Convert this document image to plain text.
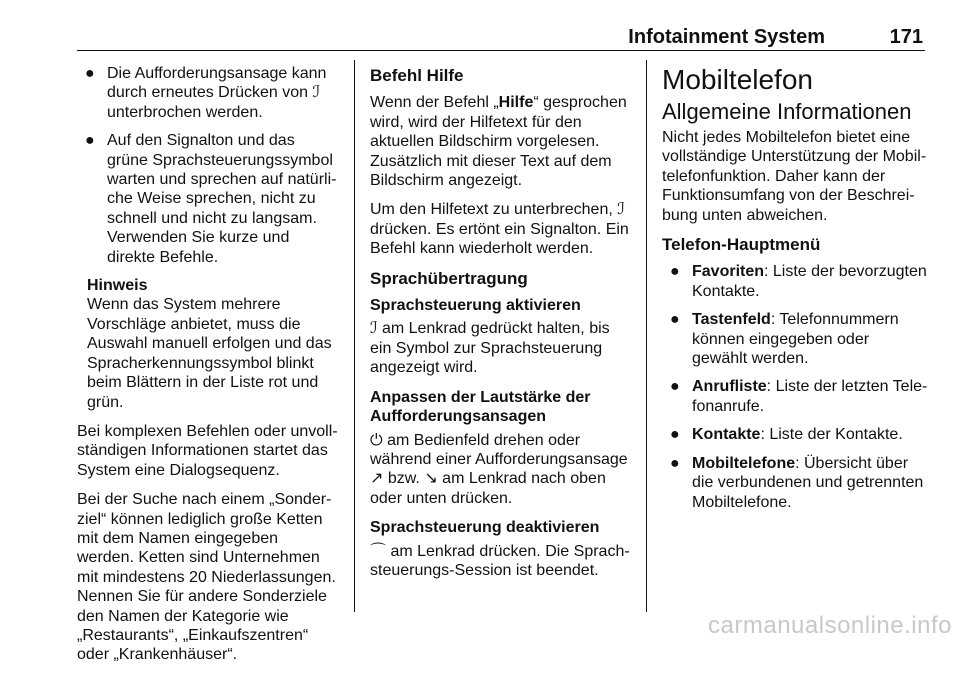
Infotainment System	171
● Die Aufforderungsansage kann durch erneutes Drücken von ℐ unterbrochen werden.
● Auf den Signalton und das grüne Sprachsteuerungssymbol warten und sprechen auf natürliche Weise sprechen, nicht zu schnell und nicht zu langsam. Verwenden Sie kurze und direkte Befehle.
Hinweis
Wenn das System mehrere Vorschläge anbietet, muss die Auswahl manuell erfolgen und das Spracherkennungssymbol blinkt beim Blättern in der Liste rot und grün.

Bei komplexen Befehlen oder unvollständigen Informationen startet das System eine Dialogsequenz.

Bei der Suche nach einem „Sonderziel“ können lediglich große Ketten mit dem Namen eingegeben werden. Ketten sind Unternehmen mit mindestens 20 Niederlassungen. Nennen Sie für andere Sonderziele den Namen der Kategorie wie „Restaurants“, „Einkaufszentren“ oder „Krankenhäuser“.

Befehl Hilfe

Wenn der Befehl „Hilfe“ gesprochen wird, wird der Hilfetext für den aktuellen Bildschirm vorgelesen. Zusätzlich mit dieser Text auf dem Bildschirm angezeigt.

Um den Hilfetext zu unterbrechen, ℐ drücken. Es ertönt ein Signalton. Ein Befehl kann wiederholt werden.

Sprachübertragung
Sprachsteuerung aktivieren

ℐ am Lenkrad gedrückt halten, bis ein Symbol zur Sprachsteuerung angezeigt wird.

Anpassen der Lautstärke der Aufforderungsansagen

⏻ am Bedienfeld drehen oder während einer Aufforderungsansage ↗ bzw. ↘ am Lenkrad nach oben oder unten drücken.

Sprachsteuerung deaktivieren

⌒ am Lenkrad drücken. Die Sprachsteuerungs-Session ist beendet.

Mobiltelefon
Allgemeine Informationen

Nicht jedes Mobiltelefon bietet eine vollständige Unterstützung der Mobiltelefonfunktion. Daher kann der Funktionsumfang von der Beschreibung unten abweichen.

Telefon-Hauptmenü
● Favoriten: Liste der bevorzugten Kontakte.
● Tastenfeld: Telefonnummern können eingegeben oder gewählt werden.
● Anrufliste: Liste der letzten Telefonanrufe.
● Kontakte: Liste der Kontakte.
● Mobiltelefone: Übersicht über die verbundenen und getrennten Mobiltelefone.
carmanualsonline.info
